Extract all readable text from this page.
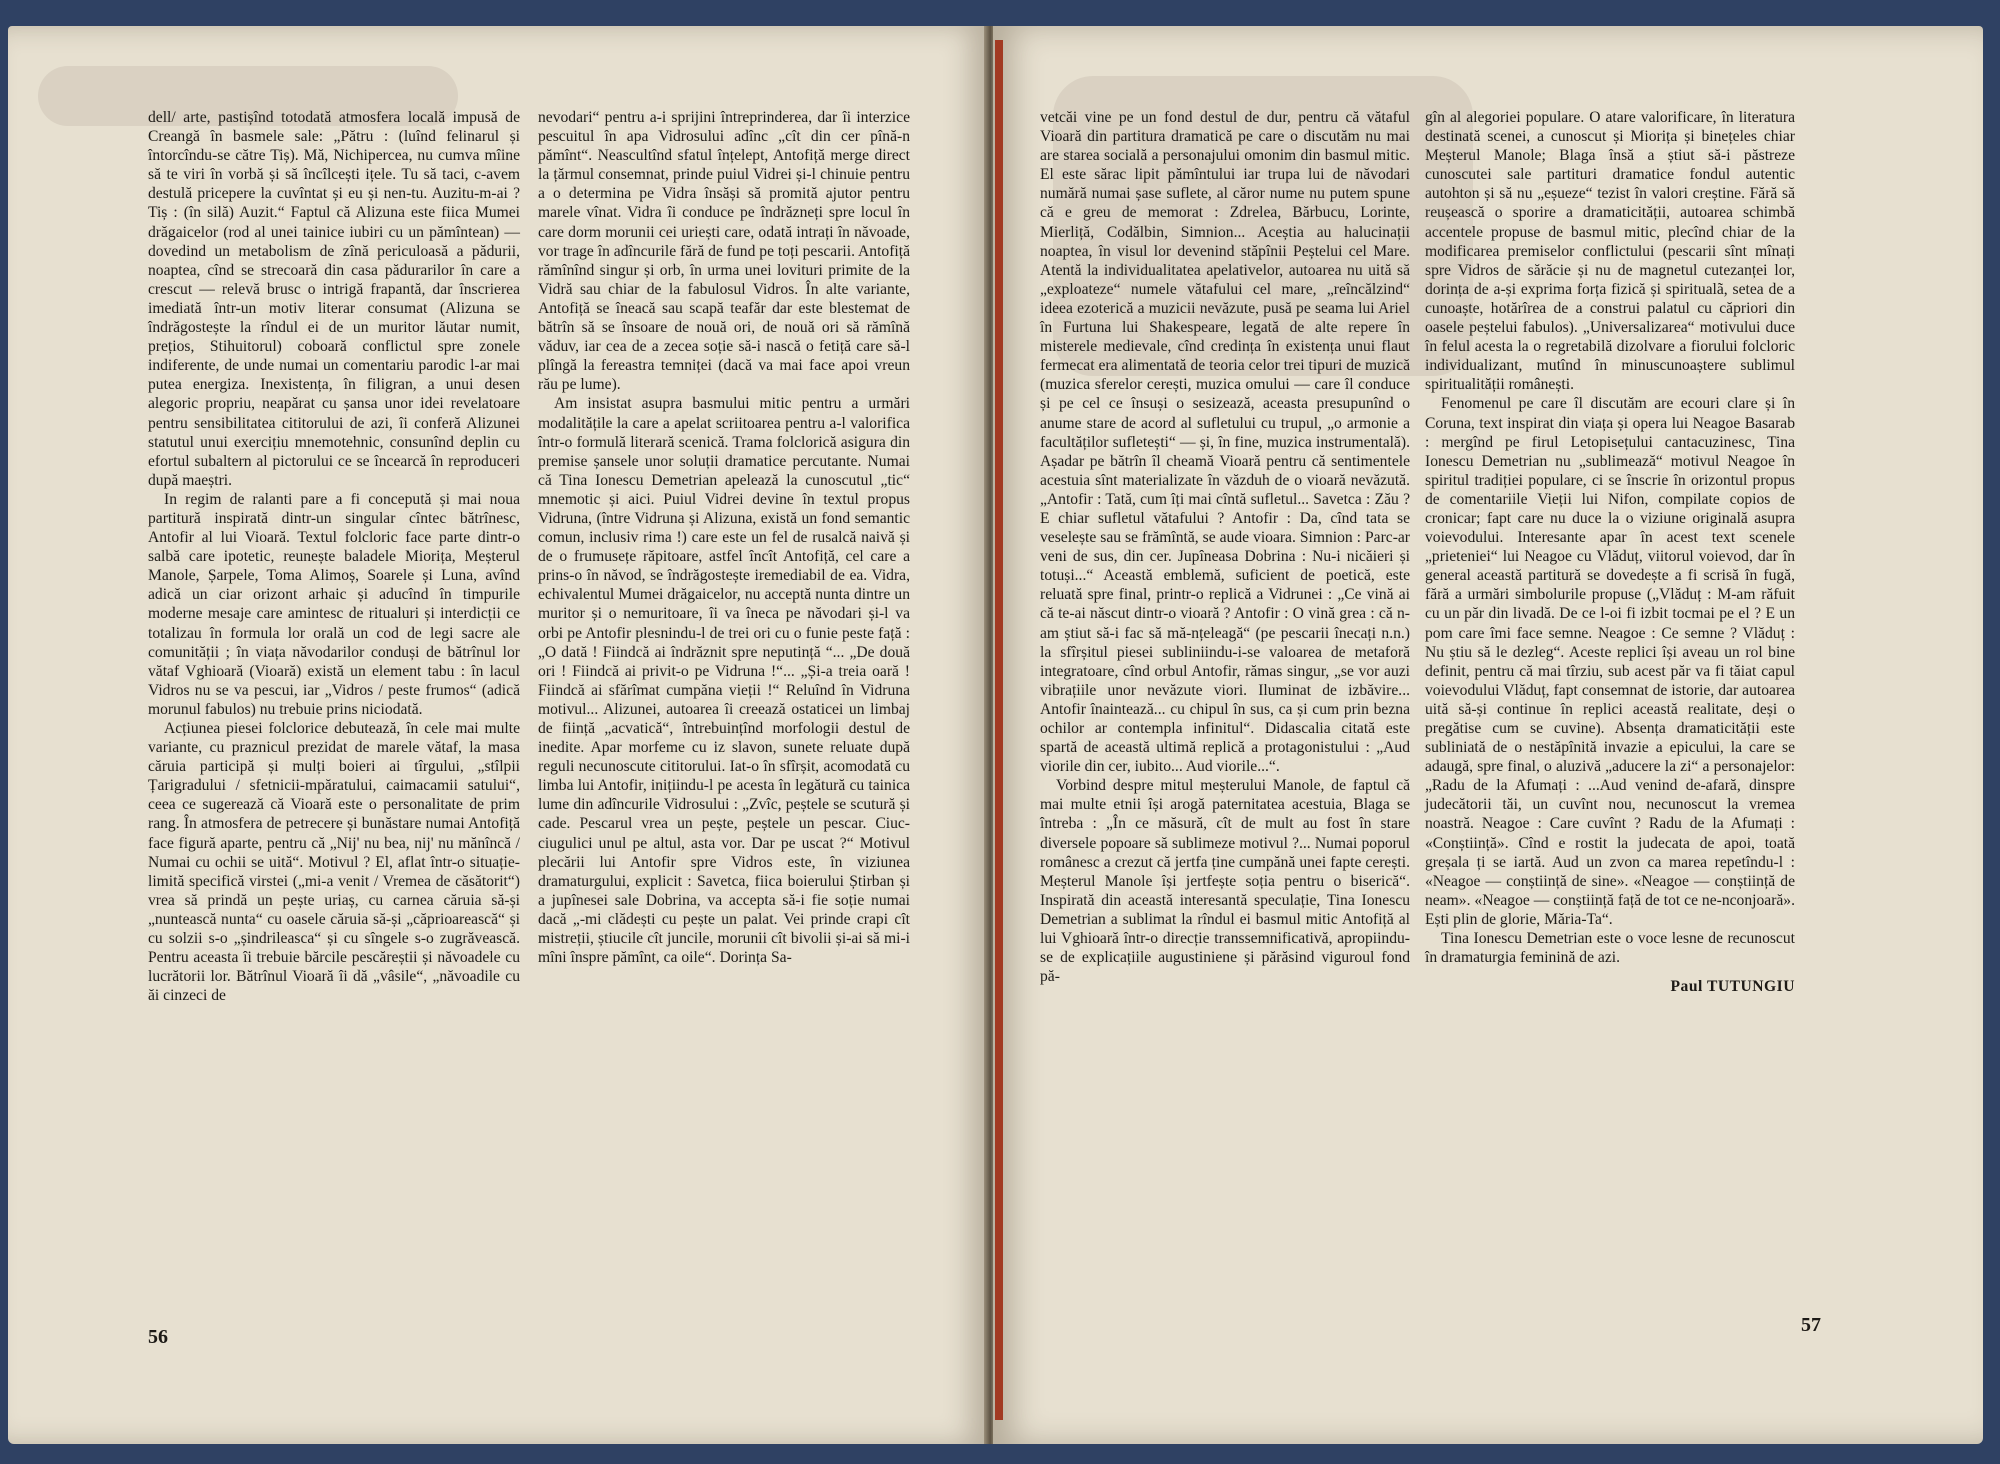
dell/ arte, pastișînd totodată atmosfera locală impusă de Creangă în basmele sale: „Pătru : (luînd felinarul și întorcîndu-se către Tiș). Mă, Nichipercea, nu cumva mîine să te viri în vorbă și să încîlcești ițele. Tu să taci, c-avem destulă pricepere la cuvîntat și eu și nen-tu. Auzitu-m-ai ? Tiș : (în silă) Auzit.“ Faptul că Alizuna este fiica Mumei drăgaicelor (rod al unei tainice iubiri cu un pămîntean) — dovedind un metabolism de zînă periculoasă a pădurii, noaptea, cînd se strecoară din casa pădurarilor în care a crescut — relevă brusc o intrigă frapantă, dar înscrierea imediată într-un motiv literar consumat (Alizuna se îndrăgostește la rîndul ei de un muritor lăutar numit, prețios, Stihuitorul) coboară conflictul spre zonele indiferente, de unde numai un comentariu parodic l-ar mai putea energiza. Inexistența, în filigran, a unui desen alegoric propriu, neapărat cu șansa unor idei revelatoare pentru sensibilitatea cititorului de azi, îi conferă Alizunei statutul unui exercițiu mnemotehnic, consunînd deplin cu efortul subaltern al pictorului ce se încearcă în reproduceri după maeștri.

In regim de ralanti pare a fi concepută și mai noua partitură inspirată dintr-un singular cîntec bătrînesc, Antofir al lui Vioară. Textul folcloric face parte dintr-o salbă care ipotetic, reunește baladele Miorița, Meșterul Manole, Șarpele, Toma Alimoș, Soarele și Luna, avînd adică un ciar orizont arhaic și aducînd în timpurile moderne mesaje care amintesc de ritualuri și interdicții ce totalizau în formula lor orală un cod de legi sacre ale comunității ; în viața năvodarilor conduși de bătrînul lor vătaf Vghioară (Vioară) există un element tabu : în lacul Vidros nu se va pescui, iar „Vidros / peste frumos“ (adică morunul fabulos) nu trebuie prins niciodată.

Acțiunea piesei folclorice debutează, în cele mai multe variante, cu praznicul prezidat de marele vătaf, la masa căruia participă și mulți boieri ai tîrgului, „stîlpii Țarigradului / sfetnicii-mpăratului, caimacamii satului“, ceea ce sugerează că Vioară este o personalitate de prim rang. În atmosfera de petrecere și bunăstare numai Antofiță face figură aparte, pentru că „Nij' nu bea, nij' nu mănîncă / Numai cu ochii se uită“. Motivul ? El, aflat într-o situație-limită specifică virstei („mi-a venit / Vremea de căsătorit“) vrea să prindă un pește uriaș, cu carnea căruia să-și „nuntească nunta“ cu oasele căruia să-și „căprioarească“ și cu solzii s-o „șindrileasca“ și cu sîngele s-o zugrăvească. Pentru aceasta îi trebuie bărcile pescăreștii și năvoadele cu lucrătorii lor. Bătrînul Vioară îi dă „vâsile“, „năvoadile cu ăi cinzeci de

nevodari“ pentru a-i sprijini întreprinderea, dar îi interzice pescuitul în apa Vidrosului adînc „cît din cer pînă-n pămînt“. Neascultînd sfatul înțelept, Antofiță merge direct la țărmul consemnat, prinde puiul Vidrei și-l chinuie pentru a o determina pe Vidra însăși să promită ajutor pentru marele vînat. Vidra îi conduce pe îndrăzneți spre locul în care dorm morunii cei uriești care, odată intrați în năvoade, vor trage în adîncurile fără de fund pe toți pescarii. Antofiță rămînînd singur și orb, în urma unei lovituri primite de la Vidră sau chiar de la fabulosul Vidros. În alte variante, Antofiță se îneacă sau scapă teafăr dar este blestemat de bătrîn să se însoare de nouă ori, de nouă ori să rămînă văduv, iar cea de a zecea soție să-i nască o fetiță care să-l plîngă la fereastra temniței (dacă va mai face apoi vreun rău pe lume).

Am insistat asupra basmului mitic pentru a urmări modalitățile la care a apelat scriitoarea pentru a-l valorifica într-o formulă literară scenică. Trama folclorică asigura din premise șansele unor soluții dramatice percutante. Numai că Tina Ionescu Demetrian apelează la cunoscutul „tic“ mnemotic și aici. Puiul Vidrei devine în textul propus Vidruna, (între Vidruna și Alizuna, există un fond semantic comun, inclusiv rima !) care este un fel de rusalcă naivă și de o frumusețe răpitoare, astfel încît Antofiță, cel care a prins-o în năvod, se îndrăgostește iremediabil de ea. Vidra, echivalentul Mumei drăgaicelor, nu acceptă nunta dintre un muritor și o nemuritoare, îi va îneca pe năvodari și-l va orbi pe Antofir plesnindu-l de trei ori cu o funie peste față : „O dată ! Fiindcă ai îndrăznit spre neputință “... „De două ori ! Fiindcă ai privit-o pe Vidruna !“... „Și-a treia oară ! Fiindcă ai sfărîmat cumpăna vieții !“ Reluînd în Vidruna motivul... Alizunei, autoarea îi creează ostaticei un limbaj de ființă „acvatică“, întrebuințînd morfologii destul de inedite. Apar morfeme cu iz slavon, sunete reluate după reguli necunoscute cititorului. Iat-o în sfîrșit, acomodată cu limba lui Antofir, inițiindu-l pe acesta în legătură cu tainica lume din adîncurile Vidrosului : „Zvîc, peștele se scutură și cade. Pescarul vrea un pește, peștele un pescar. Ciuc-ciugulici unul pe altul, asta vor. Dar pe uscat ?“ Motivul plecării lui Antofir spre Vidros este, în viziunea dramaturgului, explicit : Savetca, fiica boierului Știrban și a jupînesei sale Dobrina, va accepta să-i fie soție numai dacă „-mi clădești cu pește un palat. Vei prinde crapi cît mistreții, știucile cît juncile, morunii cît bivolii și-ai să mi-i mîni înspre pămînt, ca oile“. Dorința Sa-

56

vetcăi vine pe un fond destul de dur, pentru că vătaful Vioară din partitura dramatică pe care o discutăm nu mai are starea socială a personajului omonim din basmul mitic. El este sărac lipit pămîntului iar trupa lui de năvodari numără numai șase suflete, al căror nume nu putem spune că e greu de memorat : Zdrelea, Bărbucu, Lorinte, Mierliță, Codălbin, Simnion... Aceștia au halucinații noaptea, în visul lor devenind stăpînii Peștelui cel Mare. Atentă la individualitatea apelativelor, autoarea nu uită să „exploateze“ numele vătafului cel mare, „reîncălzind“ ideea ezoterică a muzicii nevăzute, pusă pe seama lui Ariel în Furtuna lui Shakespeare, legată de alte repere în misterele medievale, cînd credința în existența unui flaut fermecat era alimentată de teoria celor trei tipuri de muzică (muzica sferelor cerești, muzica omului — care îl conduce și pe cel ce însuși o sesizează, aceasta presupunînd o anume stare de acord al sufletului cu trupul, „o armonie a facultăților sufletești“ — și, în fine, muzica instrumentală). Așadar pe bătrîn îl cheamă Vioară pentru că sentimentele acestuia sînt materializate în văzduh de o vioară nevăzută. „Antofir : Tată, cum îți mai cîntă sufletul... Savetca : Zău ? E chiar sufletul vătafului ? Antofir : Da, cînd tata se veselește sau se frămîntă, se aude vioara. Simnion : Parc-ar veni de sus, din cer. Jupîneasa Dobrina : Nu-i nicăieri și totuși...“ Această emblemă, suficient de poetică, este reluată spre final, printr-o replică a Vidrunei : „Ce vină ai că te-ai născut dintr-o vioară ? Antofir : O vină grea : că n-am știut să-i fac să mă-nțeleagă“ (pe pescarii înecați n.n.) la sfîrșitul piesei subliniindu-i-se valoarea de metaforă integratoare, cînd orbul Antofir, rămas singur, „se vor auzi vibrațiile unor nevăzute viori. Iluminat de izbăvire... Antofir înaintează... cu chipul în sus, ca și cum prin bezna ochilor ar contempla infinitul“. Didascalia citată este spartă de această ultimă replică a protagonistului : „Aud viorile din cer, iubito... Aud viorile...“.

Vorbind despre mitul meșterului Manole, de faptul că mai multe etnii își arogă paternitatea acestuia, Blaga se întreba : „În ce măsură, cît de mult au fost în stare diversele popoare să sublimeze motivul ?... Numai poporul românesc a crezut că jertfa ține cumpănă unei fapte cerești. Meșterul Manole își jertfește soția pentru o biserică“. Inspirată din această interesantă speculație, Tina Ionescu Demetrian a sublimat la rîndul ei basmul mitic Antofiță al lui Vghioară într-o direcție transsemnificativă, apropiindu-se de explicațiile augustiniene și părăsind viguroul fond pă-

gîn al alegoriei populare. O atare valorificare, în literatura destinată scenei, a cunoscut și Miorița și binețeles chiar Meșterul Manole; Blaga însă a știut să-i păstreze cunoscutei sale partituri dramatice fondul autentic autohton și să nu „eșueze“ tezist în valori creștine. Fără să reușească o sporire a dramaticității, autoarea schimbă accentele propuse de basmul mitic, plecînd chiar de la modificarea premiselor conflictului (pescarii sînt mînați spre Vidros de sărăcie și nu de magnetul cutezanței lor, dorința de a-și exprima forța fizică și spiritualã, setea de a cunoaște, hotărîrea de a construi palatul cu căpriori din oasele peștelui fabulos). „Universalizarea“ motivului duce în felul acesta la o regretabilă dizolvare a fiorului folcloric individualizant, mutînd în minuscunoaștere sublimul spiritualității românești.

Fenomenul pe care îl discutăm are ecouri clare și în Coruna, text inspirat din viața și opera lui Neagoe Basarab : mergînd pe firul Letopisețului cantacuzinesc, Tina Ionescu Demetrian nu „sublimează“ motivul Neagoe în spiritul tradiției populare, ci se înscrie în orizontul propus de comentariile Vieții lui Nifon, compilate copios de cronicar; fapt care nu duce la o viziune originală asupra voievodului. Interesante apar în acest text scenele „prieteniei“ lui Neagoe cu Vlăduț, viitorul voievod, dar în general această partitură se dovedește a fi scrisă în fugă, fără a urmări simbolurile propuse („Vlăduț : M-am răfuit cu un păr din livadă. De ce l-oi fi izbit tocmai pe el ? E un pom care îmi face semne. Neagoe : Ce semne ? Vlăduț : Nu știu să le dezleg“. Aceste replici își aveau un rol bine definit, pentru că mai tîrziu, sub acest păr va fi tăiat capul voievodului Vlăduț, fapt consemnat de istorie, dar autoarea uită să-și continue în replici această realitate, deși o pregătise cum se cuvine). Absența dramaticității este subliniată de o nestăpînită invazie a epicului, la care se adaugă, spre final, o aluzivă „aducere la zi“ a personajelor: „Radu de la Afumați : ...Aud venind de-afară, dinspre judecătorii tăi, un cuvînt nou, necunoscut la vremea noastră. Neagoe : Care cuvînt ? Radu de la Afumați : «Conștiință». Cînd e rostit la judecata de apoi, toată greșala ți se iartă. Aud un zvon ca marea repetîndu-l : «Neagoe — conștiință de sine». «Neagoe — conștiință de neam». «Neagoe — conștiință față de tot ce ne-nconjoară». Ești plin de glorie, Măria-Ta“.

Tina Ionescu Demetrian este o voce lesne de recunoscut în dramaturgia feminină de azi.

Paul TUTUNGIU
57
